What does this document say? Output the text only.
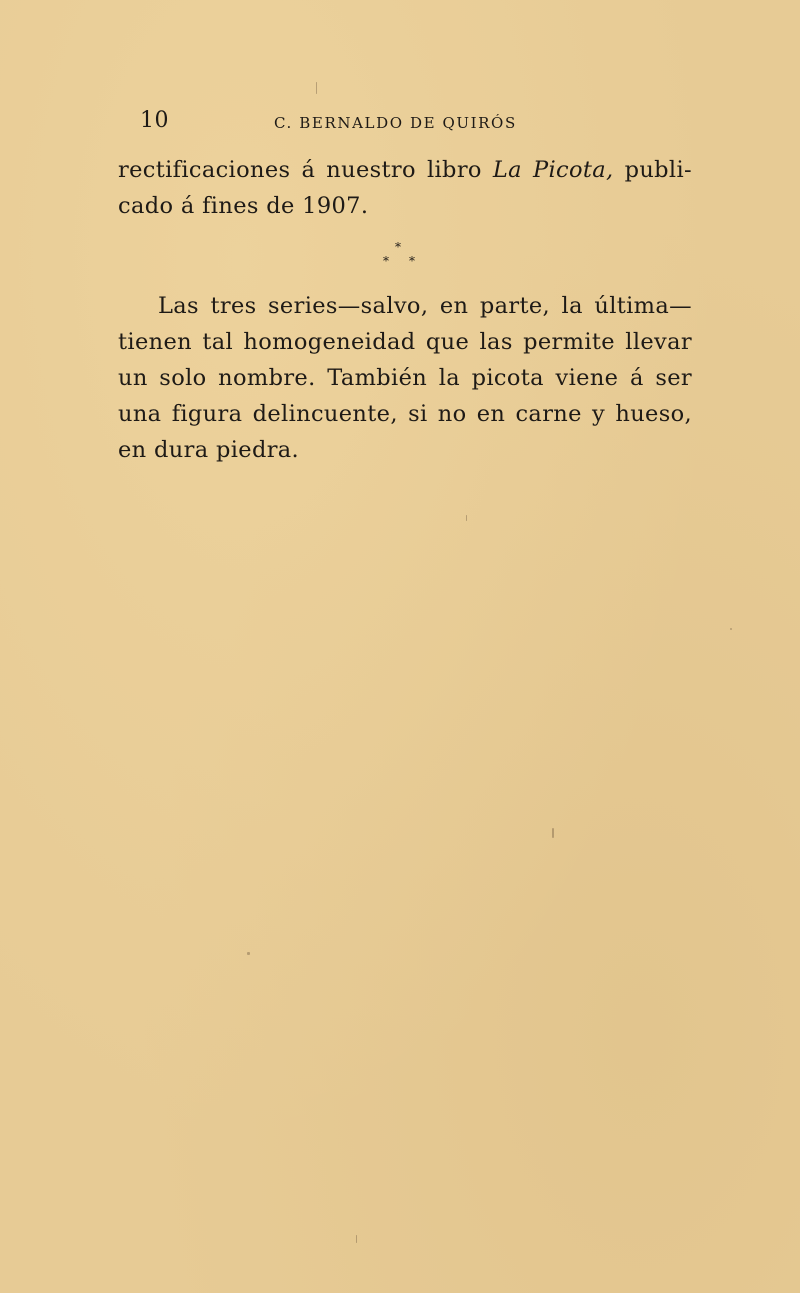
10	C. BERNALDO DE QUIRÓS
rectificaciones á nuestro libro La Picota, publi-
cado á fines de 1907.
*
* *
Las tres series—salvo, en parte, la última—
tienen tal homogeneidad que las permite llevar
un solo nombre. También la picota viene á ser
una figura delincuente, si no en carne y hueso,
en dura piedra.
